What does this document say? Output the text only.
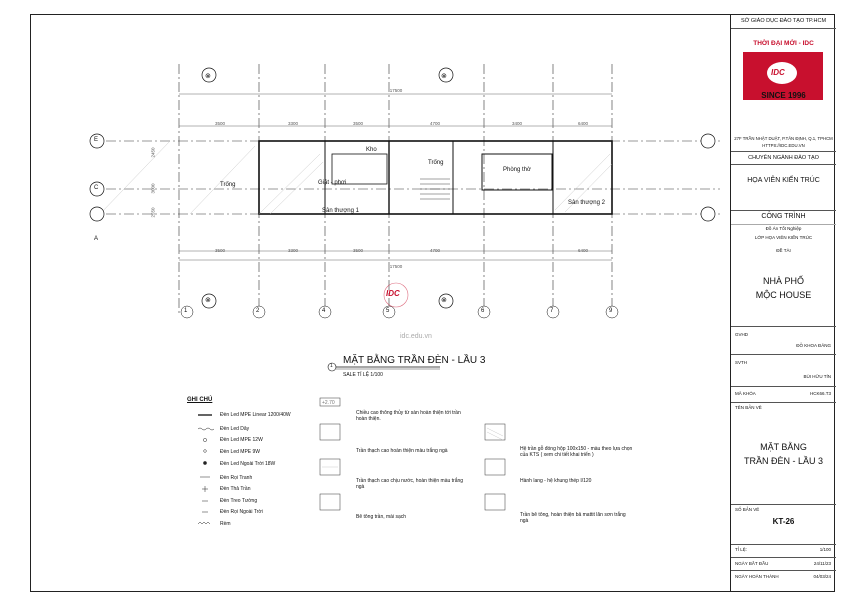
17500
17500
Trống
Kho
Trống
Giặt - phơi
Phòng thờ
Sân thượng 1
Sân thượng 2
⊗	⊗
⊗	⊗
E
C
A
1	2	4	5	6	7	9
3500	3300	3500	4700	3400	6400
3500	3300	3500	4700	6400
2450
3000
2550
IDC
idc.edu.vn
1 MẶT BẰNG TRẦN ĐÈN - LẦU 3
SALE TỈ LỆ 1/100
GHI CHÚ
Đèn Led MPE Linear 1200/40W
Đèn Led Dây
Đèn Led MPE 12W
Đèn Led MPE 9W
Đèn Led Ngoài Trời 18W
Đèn Rọi Tranh
Đèn Thả Trần
Đèn Treo Tường
Đèn Rọi Ngoài Trời
Rèm
+2.70
Chiều cao thông thủy từ sàn hoàn thiện tới trần hoàn thiện.
Trần thạch cao hoàn thiện màu trắng ngà
Trần thạch cao chịu nước, hoàn thiện màu trắng ngà
Bê tông trần, mài sạch
Hệ trần gỗ đóng hộp 100x150 - màu theo lựa chọn của KTS ( xem chi tiết khai triển )
Hành lang - hệ khung thép I/120
Trần bê tông, hoàn thiện bả mattit lăn sơn trắng ngà
SỞ GIÁO DỤC ĐÀO TẠO TP.HCM
THỜI ĐẠI MỚI - IDC
IDC
SINCE 1996
27F TRẦN NHẬT DUẬT, P.TÂN ĐỊNH, Q.1, TPHCM
HTTPS://IDC.EDU.VN
CHUYÊN NGÀNH ĐÀO TẠO
HỌA VIÊN KIẾN TRÚC
CÔNG TRÌNH
Đồ Án Tốt Nghiệp
LỚP HỌA VIÊN KIẾN TRÚC
ĐỀ TÀI
NHÀ PHỐ
MỘC HOUSE
GVHD
ĐỖ KHOA ĐĂNG
SVTH
BÙI HỮU TÍN
MÃ KHÓA	HCK66.T3
TÊN BẢN VẼ
MẶT BẰNG
TRẦN ĐÈN - LẦU 3
SỐ BẢN VẼ
KT-26
TỈ LỆ:	1/100
NGÀY BẮT ĐẦU	24/11/23
NGÀY HOÀN THÀNH	04/03/24
